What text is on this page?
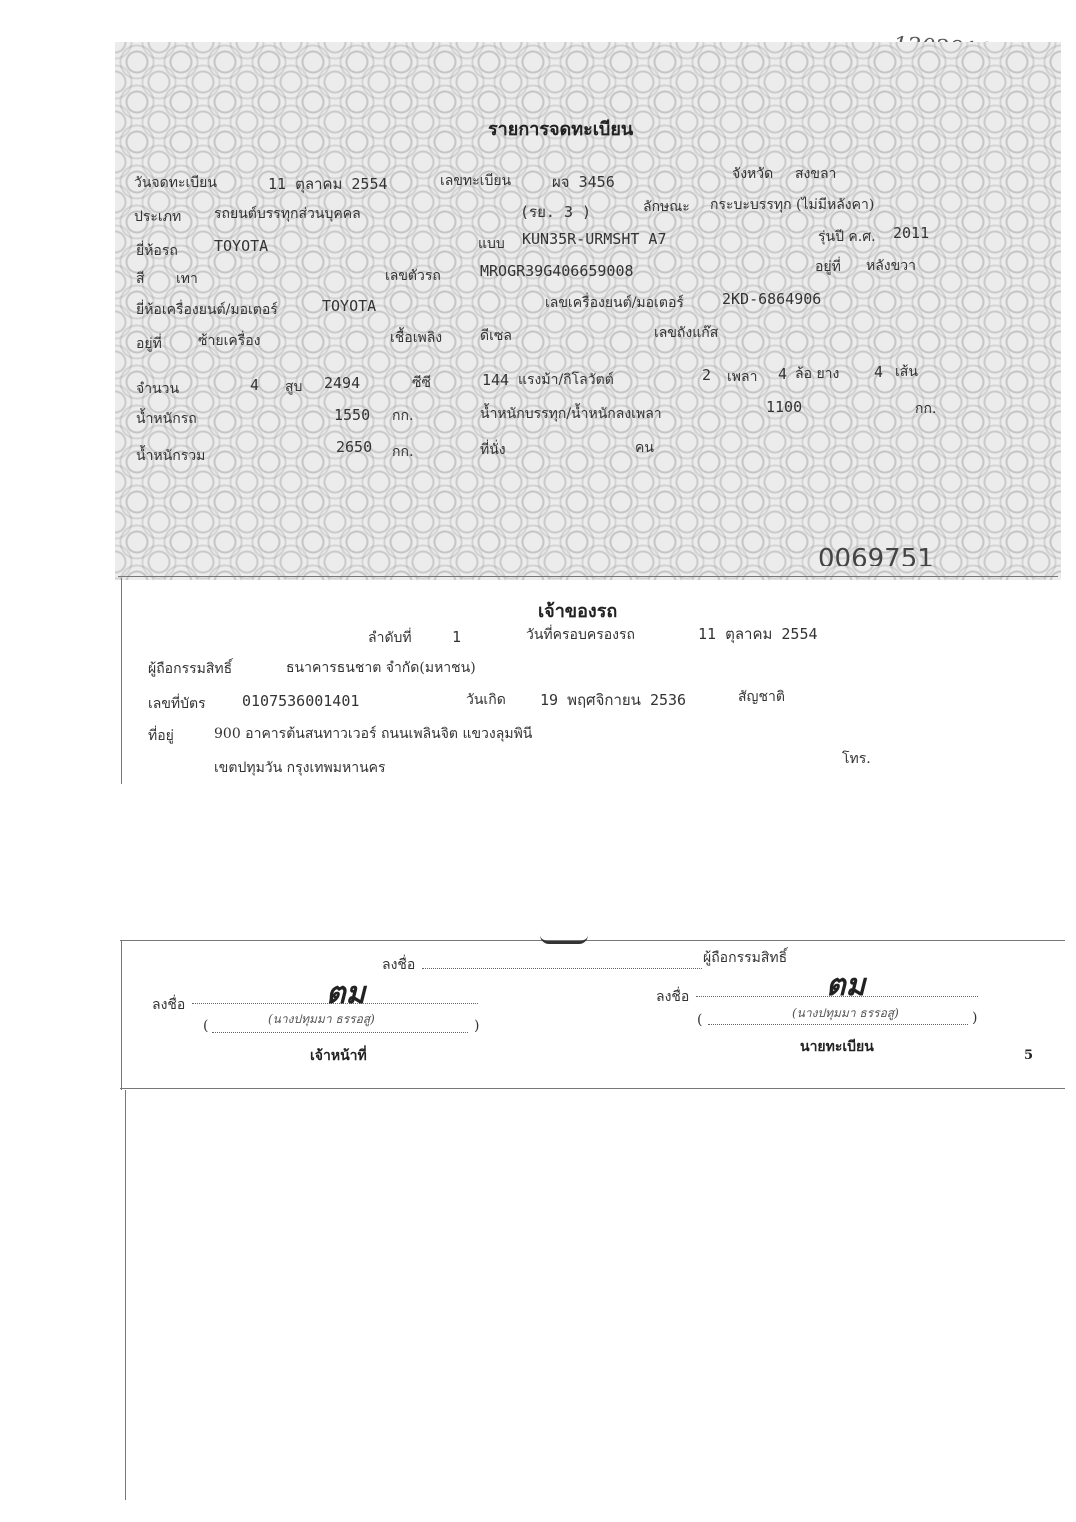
รายการจดทะเบียน
วันจดทะเบียน	11 ตุลาคม 2554	เลขทะเบียน	ผจ 3456	จังหวัด สงขลา
ประเภท รถยนต์บรรทุกส่วนบุคคล	(รย. 3 )	ลักษณะ กระบะบรรทุก (ไม่มีหลังคา)
ยี่ห้อรถ TOYOTA	แบบ KUN35R-URMSHT A7	รุ่นปี ค.ศ. 2011
สี เทา	เลขตัวรถ	MROGR39G406659008	อยู่ที่ หลังขวา
ยี่ห้อเครื่องยนต์/มอเตอร์	TOYOTA	เลขเครื่องยนต์/มอเตอร์	2KD-6864906
อยู่ที่	ซ้ายเครื่อง	เชื้อเพลิง	ดีเซล	เลขถังแก๊ส
จำนวน	4 สูบ 2494	ซีซี	144 แรงม้า/กิโลวัตต์	2 เพลา 4 ล้อ ยาง 4 เส้น
น้ำหนักรถ	1550 กก.	น้ำหนักบรรทุก/น้ำหนักลงเพลา	1100	กก.
น้ำหนักรวม	2650 กก.	ที่นั่ง	คน
0069751
เจ้าของรถ
ลำดับที่	1	วันที่ครอบครองรถ	11 ตุลาคม 2554
ผู้ถือกรรมสิทธิ์	ธนาคารธนชาต จำกัด(มหาชน)
เลขที่บัตร 0107536001401	วันเกิด 19 พฤศจิกายน 2536	สัญชาติ
ที่อยู่	900 อาคารต้นสนทาวเวอร์ ถนนเพลินจิต แขวงลุมพินี
เขตปทุมวัน กรุงเทพมหานคร
โทร.
ลงชื่อ	ผู้ถือกรรมสิทธิ์
ลงชื่อ	ตม
(	(นางปทุมมา ธรรอสู)	)
เจ้าหน้าที่
ลงชื่อ	ตม
(	(นางปทุมมา ธรรอสู)	)
นายทะเบียน
5
